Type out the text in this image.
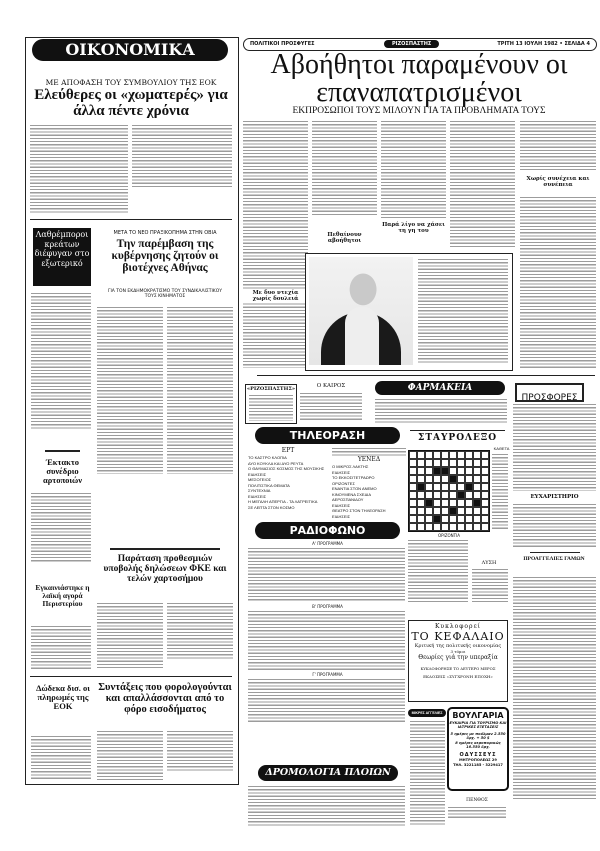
ΟΙΚΟΝΟΜΙΚΑ ΘΕΜΑΤΑ
ΜΕ ΑΠΟΦΑΣΗ ΤΟΥ ΣΥΜΒΟΥΛΙΟΥ ΤΗΣ ΕΟΚ
Ελεύθερες οι «χωματερές» για άλλα πέντε χρόνια
Λαθρέμποροι κρεάτων διέφυγαν στο εξωτερικό
ΜΕΤΑ ΤΟ ΝΕΟ ΠΡΑΞΙΚΟΠΗΜΑ ΣΤΗΝ ΟΒΙΑ
Την παρέμβαση της κυβέρνησης ζητούν οι βιοτέχνες Αθήνας
ΓΙΑ ΤΟΝ ΕΚΔΗΜΟΚΡΑΤΙΣΜΟ ΤΟΥ ΣΥΝΔΙΚΑΛΙΣΤΙΚΟΥ ΤΟΥΣ ΚΙΝΗΜΑΤΟΣ
Έκτακτο συνέδριο αρτοποιών
Παράταση προθεσμιών υποβολής δηλώσεων ΦΚΕ και τελών χαρτοσήμου
Εγκαινιάστηκε η λαϊκή αγορά Περιστερίου
Δώδεκα δισ. οι πληρωμές της ΕΟΚ
Συντάξεις που φορολογούνται και απαλλάσσονται από το φόρο εισοδήματος
ΠΟΛΙΤΙΚΟΙ ΠΡΟΣΦΥΓΕΣ	ΡΙΖΟΣΠΑΣΤΗΣ	ΤΡΙΤΗ 13 ΙΟΥΛΗ 1982 • ΣΕΛΙΔΑ 4
Αβοήθητοι παραμένουν οι επαναπατρισμένοι
ΕΚΠΡΟΣΩΠΟΙ ΤΟΥΣ ΜΙΛΟΥΝ ΓΙΑ ΤΑ ΠΡΟΒΛΗΜΑΤΑ ΤΟΥΣ
Πεθαίνουν αβοήθητοι
Παρά λίγο να χάσει τη γη του
Με δυο ντεχία χωρίς δουλειά
Χωρίς συνέχεια και συνέπεια
«ΡΙΖΟΣΠΑΣΤΗΣ»	Ο ΚΑΙΡΟΣ
ΤΗΛΕΟΡΑΣΗ
ΕΡΤ
ΤΟ ΚΑΣΤΡΟ ΚΛΟΠΙΑ
ΔΥΟ ΚΟΥΚΛΑ ΚΑΙ ΔΥΟ ΡΕΥΤΑ
Ο ΘΑΥΜΑΣΙΟΣ ΚΟΣΜΟΣ ΤΗΣ ΜΟΥΣΙΚΗΣ
ΕΙΔΗΣΕΙΣ
ΜΕΣΟΓΕΙΟΣ
ΠΟΛΙΤΙΣΤΙΚΑ ΘΕΜΑΤΑ
ΣΥΝΤΕΧΝΙΑ
ΕΙΔΗΣΕΙΣ
Η ΜΕΓΑΛΗ ΑΠΕΡΓΙΑ - ΤΑ ΛΑΤΡΕΙΤΙΚΑ
ΣΕ ΛΕΠΤΑ ΣΤΟΝ ΚΟΣΜΟ
ΥΕΝΕΔ
Ο ΜΙΚΡΟΣ ΛΑΚΤΗΣ
ΕΙΔΗΣΕΙΣ
ΤΟ ΕΚΚΟΣΙΤΕΤΡΑΩΡΟ
ΟΡΙΖΟΝΤΕΣ
ΕΝΑΝΤΙΑ ΣΤΟΝ ΑΝΕΜΟ
ΚΙΝΟΥΜΕΝΑ ΣΧΕΔΙΑ
ΑΕΡΟΣΠΑΝΙΔΟΥ
ΕΙΔΗΣΕΙΣ
ΘΕΑΤΡΟ ΣΤΟΝ ΤΗΛΕΟΡΑΣΗ
ΕΙΔΗΣΕΙΣ
ΡΑΔΙΟΦΩΝΟ
Α' ΠΡΟΓΡΑΜΜΑ
Β' ΠΡΟΓΡΑΜΜΑ
Γ' ΠΡΟΓΡΑΜΜΑ
ΔΡΟΜΟΛΟΓΙΑ ΠΛΟΙΩΝ
ΦΑΡΜΑΚΕΙΑ
ΣΤΑΥΡΟΛΕΞΟ
ΟΡΙΖΟΝΤΙΑ
ΚΑΘΕΤΑ
ΛΥΣΗ
Κυκλοφορεί
ΤΟ ΚΕΦΑΛΑΙΟ
Κριτική της πολιτικής οικονομίας
3 τόμοι
Θεωρίες γιά την υπεραξία
ΚΥΚΛΟΦΟΡΗΣΕ ΤΟ ΔΕΥΤΕΡΟ ΜΕΡΟΣ
ΕΚΔΟΣΕΙΣ «ΣΥΓΧΡΟΝΗ ΕΠΟΧΗ»
ΜΙΚΡΕΣ ΑΓΓΕΛΙΕΣ	ΒΟΥΛΓΑΡΙΑ
ΕΥΚΑΙΡΙΑ ΓΙΑ ΤΟΥΡΙΣΜΟ ΚΑΙ ΙΑΤΡΙΚΕΣ ΕΞΕΤΑΣΕΙΣ
5 ημέρες με πούλμαν 2.550 δρχ. + 50 $
8 ημέρες αεροπορικώς 16.550 δρχ.
ΟΔΥΣΣΕΥΣ
ΜΗΤΡΟΠΟΛΕΩΣ 29
ΤΗΛ. 3221185 - 3229417
ΠΕΝΘΟΣ
ΠΡΟΣΦΟΡΕΣ
ΕΥΧΑΡΙΣΤΗΡΙΟ
ΠΡΟΑΓΓΕΛΙΕΣ ΓΑΜΩΝ
